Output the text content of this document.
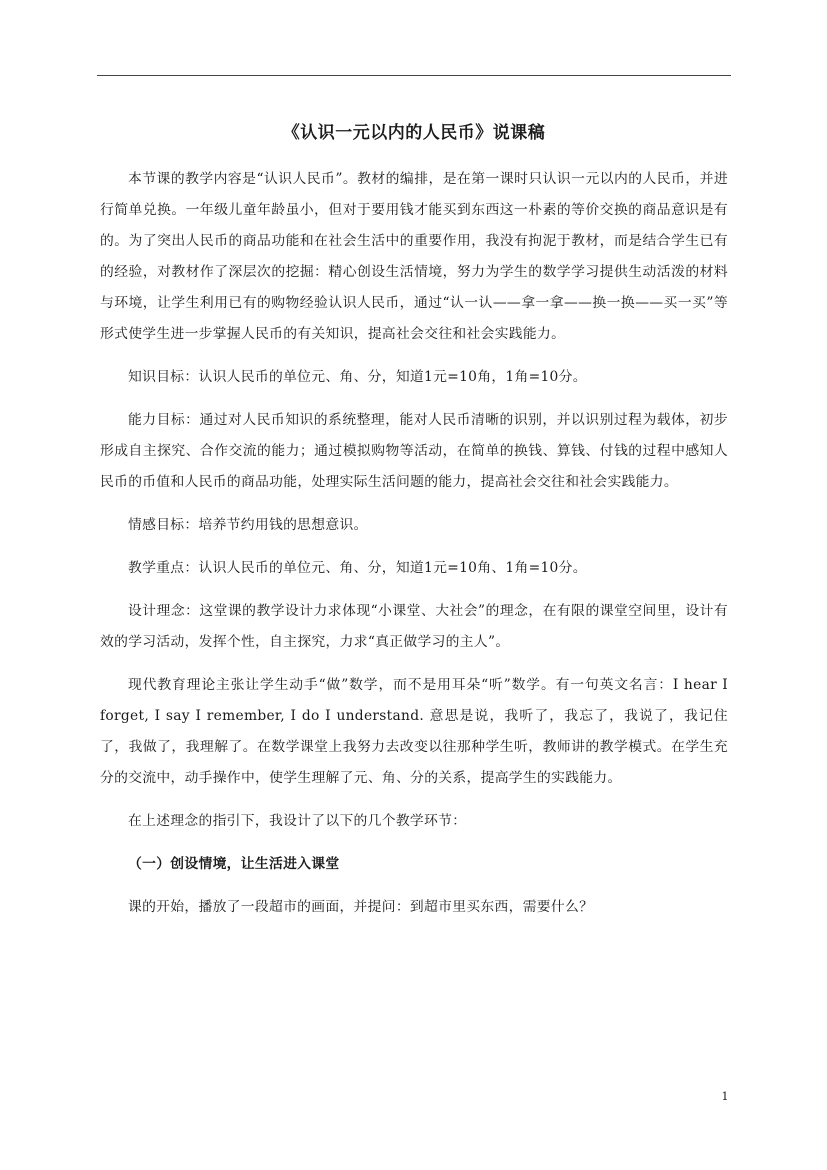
《认识一元以内的人民币》说课稿

本节课的教学内容是“认识人民币”。教材的编排，是在第一课时只认识一元以内的人民币，并进行简单兑换。一年级儿童年龄虽小，但对于要用钱才能买到东西这一朴素的等价交换的商品意识是有的。为了突出人民币的商品功能和在社会生活中的重要作用，我没有拘泥于教材，而是结合学生已有的经验，对教材作了深层次的挖掘：精心创设生活情境，努力为学生的数学学习提供生动活泼的材料与环境，让学生利用已有的购物经验认识人民币，通过“认一认——拿一拿——换一换——买一买”等形式使学生进一步掌握人民币的有关知识，提高社会交往和社会实践能力。

知识目标：认识人民币的单位元、角、分，知道1元=10角，1角=10分。

能力目标：通过对人民币知识的系统整理，能对人民币清晰的识别，并以识别过程为载体，初步形成自主探究、合作交流的能力；通过模拟购物等活动，在简单的换钱、算钱、付钱的过程中感知人民币的币值和人民币的商品功能，处理实际生活问题的能力，提高社会交往和社会实践能力。

情感目标：培养节约用钱的思想意识。

教学重点：认识人民币的单位元、角、分，知道1元=10角、1角=10分。

设计理念：这堂课的教学设计力求体现“小课堂、大社会”的理念，在有限的课堂空间里，设计有效的学习活动，发挥个性，自主探究，力求“真正做学习的主人”。

现代教育理论主张让学生动手“做”数学，而不是用耳朵“听”数学。有一句英文名言：I hear I forget, I say I remember, I do I understand. 意思是说，我听了，我忘了，我说了，我记住了，我做了，我理解了。在数学课堂上我努力去改变以往那种学生听，教师讲的教学模式。在学生充分的交流中，动手操作中，使学生理解了元、角、分的关系，提高学生的实践能力。

在上述理念的指引下，我设计了以下的几个教学环节：

（一）创设情境，让生活进入课堂

课的开始，播放了一段超市的画面，并提问：到超市里买东西，需要什么？

1
